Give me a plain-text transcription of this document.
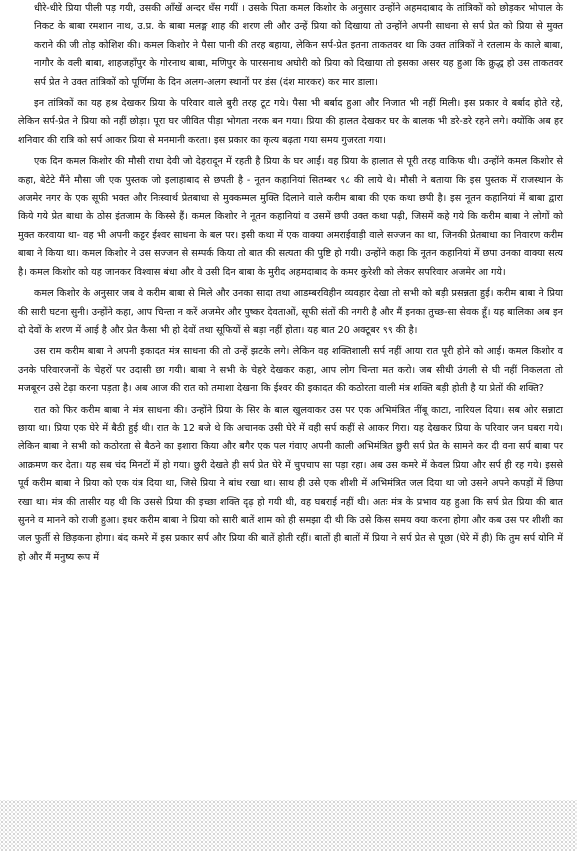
धीरे-धीरे प्रिया पीली पड़ गयी, उसकी आँखें अन्दर धँस गयीं । उसके पिता कमल किशोर के अनुसार उन्होंने अहमदाबाद के तांत्रिकों को छोड़कर भोपाल के निकट के बाबा रमशान नाथ, उ.प्र. के बाबा मलङ्ग शाह की शरण ली और उन्हें प्रिया को दिखाया तो उन्होंने अपनी साधना से सर्प प्रेत को प्रिया से मुक्त कराने की जी तोड़ कोशिश की। कमल किशोर ने पैसा पानी की तरह बहाया, लेकिन सर्प-प्रेत इतना ताकतवर था कि उक्त तांत्रिकों ने रतलाम के काले बाबा, नागौर के वली बाबा, शाहजहाँपुर के गोरनाथ बाबा, मणिपुर के पारसनाथ अघोरी को प्रिया को दिखाया तो इसका असर यह हुआ कि क्रुद्ध हो उस ताकतवर सर्प प्रेत ने उक्त तांत्रिकों को पूर्णिमा के दिन अलग-अलग स्थानों पर डंस (दंश मारकर) कर मार डाला।

इन तांत्रिकों का यह हश्र देखकर प्रिया के परिवार वाले बुरी तरह टूट गये। पैसा भी बर्बाद हुआ और निजात भी नहीं मिली। इस प्रकार वे बर्बाद होते रहे, लेकिन सर्प-प्रेत ने प्रिया को नहीं छोड़ा। पूरा घर जीवित पीड़ा भोगता नरक बन गया। प्रिया की हालत देखकर घर के बालक भी डरे-डरे रहने लगे। क्योंकि अब हर शनिवार की रात्रि को सर्प आकर प्रिया से मनमानी करता। इस प्रकार का कृत्य बढ़ता गया समय गुजरता गया।

एक दिन कमल किशोर की मौसी राधा देवी जो देहरादून में रहती है प्रिया के घर आईं। वह प्रिया के हालात से पूरी तरह वाकिफ थी। उन्होंने कमल किशोर से कहा, बेटेटे मैंने मौसा जी एक पुस्तक जो इलाहाबाद से छपती है - नूतन कहानियां सितम्बर ९८ की लाये थे। मौसी ने बताया कि इस पुस्तक में राजस्थान के अजमेर नगर के एक सूफी भक्त और निःस्वार्थ प्रेतबाधा से मुक्कम्मल मुक्ति दिलाने वाले करीम बाबा की एक कथा छपी है। इस नूतन कहानियां में बाबा द्वारा किये गये प्रेत बाधा के ठोस इंतजाम के किस्से हैं। कमल किशोर ने नूतन कहानियां व उसमें छपी उक्त कथा पढ़ी, जिसमें कहे गये कि करीम बाबा ने लोगों को मुक्त करवाया था- वह भी अपनी कट्टर ईश्वर साधना के बल पर। इसी कथा में एक वाक्या अमराईवाड़ी वाले सज्जन का था, जिनकी प्रेतबाधा का निवारण करीम बाबा ने किया था। कमल किशोर ने उस सज्जन से सम्पर्क किया तो बात की सत्यता की पुष्टि हो गयी। उन्होंने कहा कि नूतन कहानियां में छपा उनका वाक्या सत्य है। कमल किशोर को यह जानकर विश्वास बंधा और वे उसी दिन बाबा के मुरीद अहमदाबाद के कमर कुरेशी को लेकर सपरिवार अजमेर आ गये।

कमल किशोर के अनुसार जब वे करीम बाबा से मिले और उनका सादा तथा आडम्बरविहीन व्यवहार देखा तो सभी को बड़ी प्रसन्नता हुई। करीम बाबा ने प्रिया की सारी घटना सुनी। उन्होंने कहा, आप चिन्ता न करें अजमेर और पुष्कर देवताओं, सूफी संतों की नगरी है और मैं इनका तुच्छ-सा सेवक हूँ। यह बालिका अब इन दो देवों के शरण में आई है और प्रेत कैसा भी हो देवों तथा सूफियों से बड़ा नहीं होता। यह बात 20 अक्टूबर ९९ की है।

उस राम करीम बाबा ने अपनी इकादत मंत्र साधना की तो उन्हें झटके लगे। लेकिन वह शक्तिशाली सर्प नहीं आया रात पूरी होने को आई। कमल किशोर व उनके परिवारजनों के चेहरों पर उदासी छा गयी। बाबा ने सभी के चेहरे देखकर कहा, आप लोग चिन्ता मत करो। जब सीधी उंगली से घी नहीं निकलता तो मजबूरन उसे टेढ़ा करना पड़ता है। अब आज की रात को तमाशा देखना कि ईश्वर की इकादत की कठोरता वाली मंत्र शक्ति बड़ी होती है या प्रेतों की शक्ति?

रात को फिर करीम बाबा ने मंत्र साधना की। उन्होंने प्रिया के सिर के बाल खुलवाकर उस पर एक अभिमंत्रित नींबू काटा, नारियल दिया। सब ओर सन्नाटा छाया था। प्रिया एक घेरे में बैठी हुई थी। रात के 12 बजे थे कि अचानक उसी घेरे में वही सर्प कहीं से आकर गिरा। यह देखकर प्रिया के परिवार जन घबरा गये। लेकिन बाबा ने सभी को कठोरता से बैठने का इशारा किया और बगैर एक पल गंवाए अपनी काली अभिमंत्रित छुरी सर्प प्रेत के सामने कर दी वना सर्प बाबा पर आक्रमण कर देता। यह सब चंद मिनटों में हो गया। छुरी देखते ही सर्प प्रेत घेरे में चुपचाप सा पड़ा रहा। अब उस कमरे में केवल प्रिया और सर्प ही रह गये। इससे पूर्व करीम बाबा ने प्रिया को एक यंत्र दिया था, जिसे प्रिया ने बांध रखा था। साथ ही उसे एक शीशी में अभिमंत्रित जल दिया था जो उसने अपने कपड़ों में छिपा रखा था। मंत्र की तासीर यह थी कि उससे प्रिया की इच्छा शक्ति दृढ़ हो गयी थी, वह घबराई नहीं थी। अतः मंत्र के प्रभाव यह हुआ कि सर्प प्रेत प्रिया की बात सुनने व मानने को राजी हुआ। इधर करीम बाबा ने प्रिया को सारी बातें शाम को ही समझा दी थी कि उसे किस समय क्या करना होगा और कब उस पर शीशी का जल फुर्ती से छिड़कना होगा। बंद कमरे में इस प्रकार सर्प और प्रिया की बातें होती रहीं। बातों ही बातों में प्रिया ने सर्प प्रेत से पूछा (घेरे में ही) कि तुम सर्प योनि में हो और मैं मनुष्य रूप में
